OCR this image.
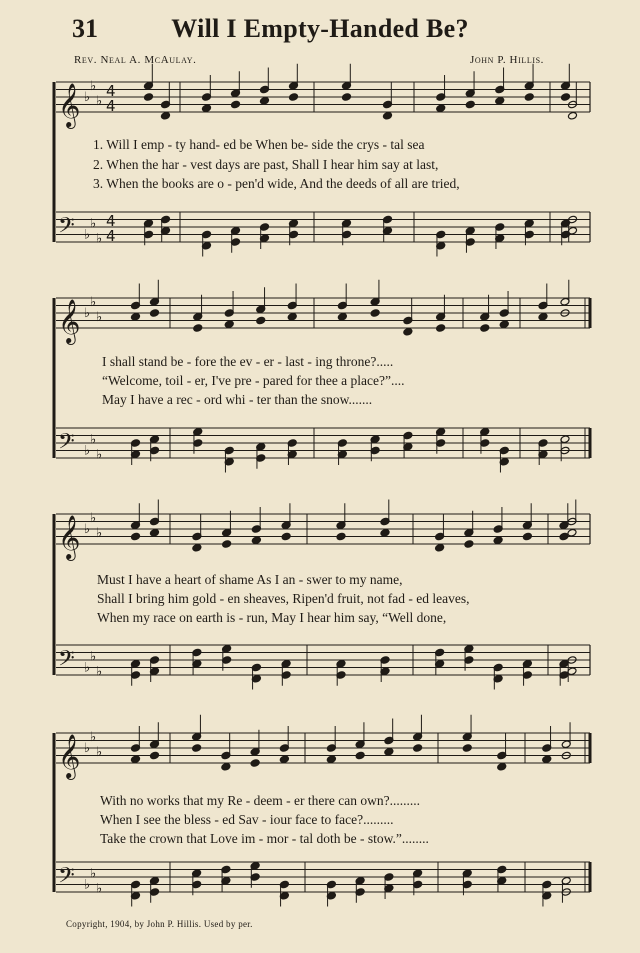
31	Will I Empty-Handed Be?
Rev. Neal A. McAulay.	John P. Hillis.
𝄞 ♭
♭
♭
4
4
𝄢 ♭
♭
♭
4
4
𝄞 ♭
♭
♭
𝄢 ♭
♭
♭
𝄞 ♭
♭
♭
𝄢 ♭
♭
♭
𝄞 ♭
♭
♭
𝄢 ♭
♭
♭
1. Will I emp - ty hand- ed be When be- side the crys - tal sea
2. When the har - vest days are past, Shall I hear him say at last,
3. When the books are o - pen'd wide, And the deeds of all are tried,
I shall stand be - fore the ev - er - last - ing throne?.....
“Welcome, toil - er, I've pre - pared for thee a place?”....
May I have a rec - ord whi - ter than the snow.......
Must I have a heart of shame As I an - swer to my name,
Shall I bring him gold - en sheaves, Ripen'd fruit, not fad - ed leaves,
When my race on earth is - run, May I hear him say, “Well done,
With no works that my Re - deem - er there can own?.........
When I see the bless - ed Sav - iour face to face?.........
Take the crown that Love im - mor - tal doth be - stow.”........
Copyright, 1904, by John P. Hillis. Used by per.
